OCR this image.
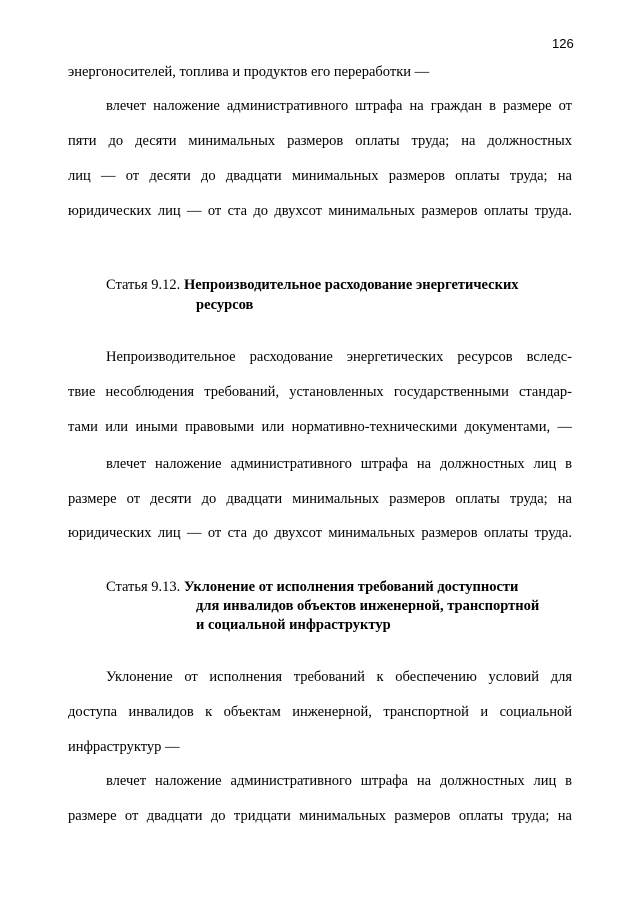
126
энергоносителей, топлива и продуктов его переработки —
влечет наложение административного штрафа на граждан в размере от
пяти до десяти минимальных размеров оплаты труда; на должностных
лиц — от десяти до двадцати минимальных размеров оплаты труда; на
юридических лиц — от ста до двухсот минимальных размеров оплаты труда.
Статья 9.12. Непроизводительное расходование энергетических
ресурсов
Непроизводительное расходование энергетических ресурсов вследс-
твие несоблюдения требований, установленных государственными стандар-
тами или иными правовыми или нормативно-техническими документами, —
влечет наложение административного штрафа на должностных лиц в
размере от десяти до двадцати минимальных размеров оплаты труда; на
юридических лиц — от ста до двухсот минимальных размеров оплаты труда.
Статья 9.13. Уклонение от исполнения требований доступности
для инвалидов объектов инженерной, транспортной
и социальной инфраструктур
Уклонение от исполнения требований к обеспечению условий для
доступа инвалидов к объектам инженерной, транспортной и социальной
инфраструктур —
влечет наложение административного штрафа на должностных лиц в
размере от двадцати до тридцати минимальных размеров оплаты труда; на
